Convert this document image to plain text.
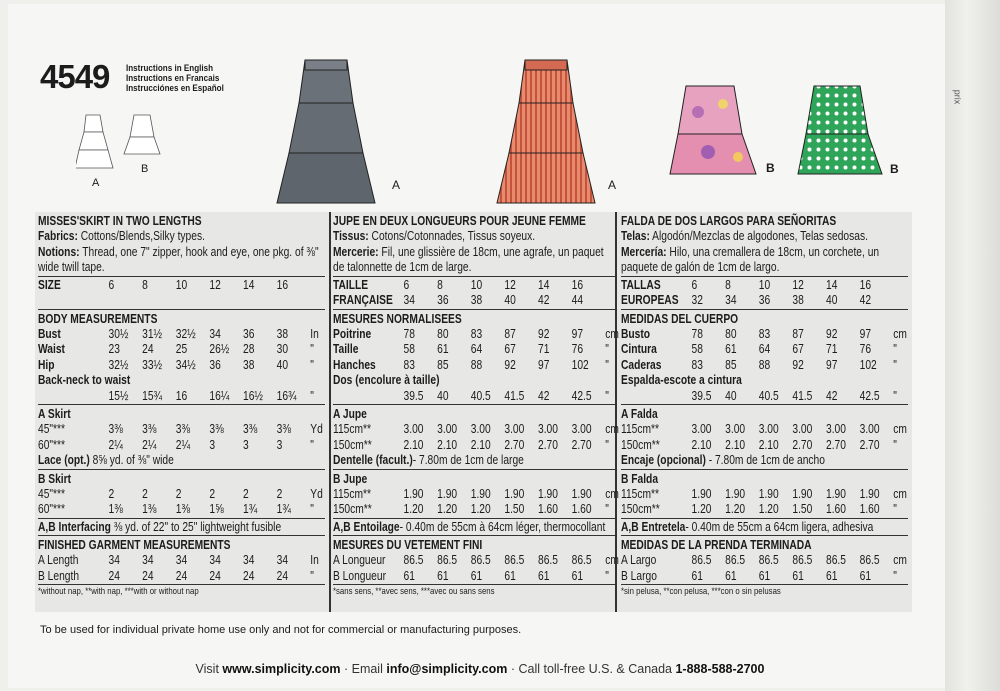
4549 Instructions in English
Instructions en Francais
Instrucciónes en Español
prix
A
B
A	A
B	B
MISSES'SKIRT IN TWO LENGTHS
Fabrics: Cottons/Blends,Silky types.
Notions: Thread, one 7" zipper, hook and eye, one pkg. of ⅜" wide twill tape.
SIZE	6	8	10	12	14	16
BODY MEASUREMENTS
Bust	30½	31½	32½	34	36	38	In
Waist	23	24	25	26½	28	30	"
Hip	32½	33½	34½	36	38	40	"
Back-neck to waist
15½	15¾	16	16¼	16½	16¾	"
A Skirt
45"***	3⅜	3⅜	3⅜	3⅜	3⅜	3⅜	Yd
60"***	2¼	2¼	2¼	3	3	3	"
Lace (opt.) 8⅝ yd. of ⅜" wide
B Skirt
45"***	2	2	2	2	2	2	Yd
60"***	1⅜	1⅜	1⅜	1⅝	1¾	1¾	"
A,B Interfacing ⅜ yd. of 22" to 25" lightweight fusible
FINISHED GARMENT MEASUREMENTS
A Length	34	34	34	34	34	34	In
B Length	24	24	24	24	24	24	"
*without nap, **with nap, ***with or without nap
JUPE EN DEUX LONGUEURS POUR JEUNE FEMME
Tissus: Cotons/Cotonnades, Tissus soyeux.
Mercerie: Fil, une glissière de 18cm, une agrafe, un paquet de talonnette de 1cm de large.
TAILLE	6	8	10	12	14	16
FRANÇAISE 34	36	38	40	42	44
MESURES NORMALISEES
Poitrine	78	80	83	87	92	97	cm
Taille	58	61	64	67	71	76	"
Hanches	83	85	88	92	97	102	"
Dos (encolure à taille)
39.5	40	40.5	41.5	42	42.5	"
A Jupe
115cm**	3.00	3.00	3.00	3.00	3.00	3.00	cm
150cm**	2.10	2.10	2.10	2.70	2.70	2.70	"
Dentelle (facult.)- 7.80m de 1cm de large
B Jupe
115cm**	1.90	1.90	1.90	1.90	1.90	1.90	cm
150cm**	1.20	1.20	1.20	1.50	1.60	1.60	"
A,B Entoilage- 0.40m de 55cm à 64cm léger, thermocollant
MESURES DU VETEMENT FINI
A Longueur	86.5	86.5	86.5	86.5	86.5	86.5	cm
B Longueur	61	61	61	61	61	61	"
*sans sens, **avec sens, ***avec ou sans sens
FALDA DE DOS LARGOS PARA SEÑORITAS
Telas: Algodón/Mezclas de algodones, Telas sedosas.
Mercería: Hilo, una cremallera de 18cm, un corchete, un paquete de galón de 1cm de largo.
TALLAS	6	8	10	12	14	16
EUROPEAS	32	34	36	38	40	42
MEDIDAS DEL CUERPO
Busto	78	80	83	87	92	97	cm
Cintura	58	61	64	67	71	76	"
Caderas	83	85	88	92	97	102	"
Espalda-escote a cintura
39.5	40	40.5	41.5	42	42.5	"
A Falda
115cm**	3.00	3.00	3.00	3.00	3.00	3.00	cm
150cm**	2.10	2.10	2.10	2.70	2.70	2.70	"
Encaje (opcional) - 7.80m de 1cm de ancho
B Falda
115cm**	1.90	1.90	1.90	1.90	1.90	1.90	cm
150cm**	1.20	1.20	1.20	1.50	1.60	1.60	"
A,B Entretela- 0.40m de 55cm a 64cm ligera, adhesiva
MEDIDAS DE LA PRENDA TERMINADA
A Largo	86.5	86.5	86.5	86.5	86.5	86.5	cm
B Largo	61	61	61	61	61	61	"
*sin pelusa, **con pelusa, ***con o sin pelusas
To be used for individual private home use only and not for commercial or manufacturing purposes.
Visit www.simplicity.com · Email info@simplicity.com · Call toll-free U.S. & Canada 1-888-588-2700
